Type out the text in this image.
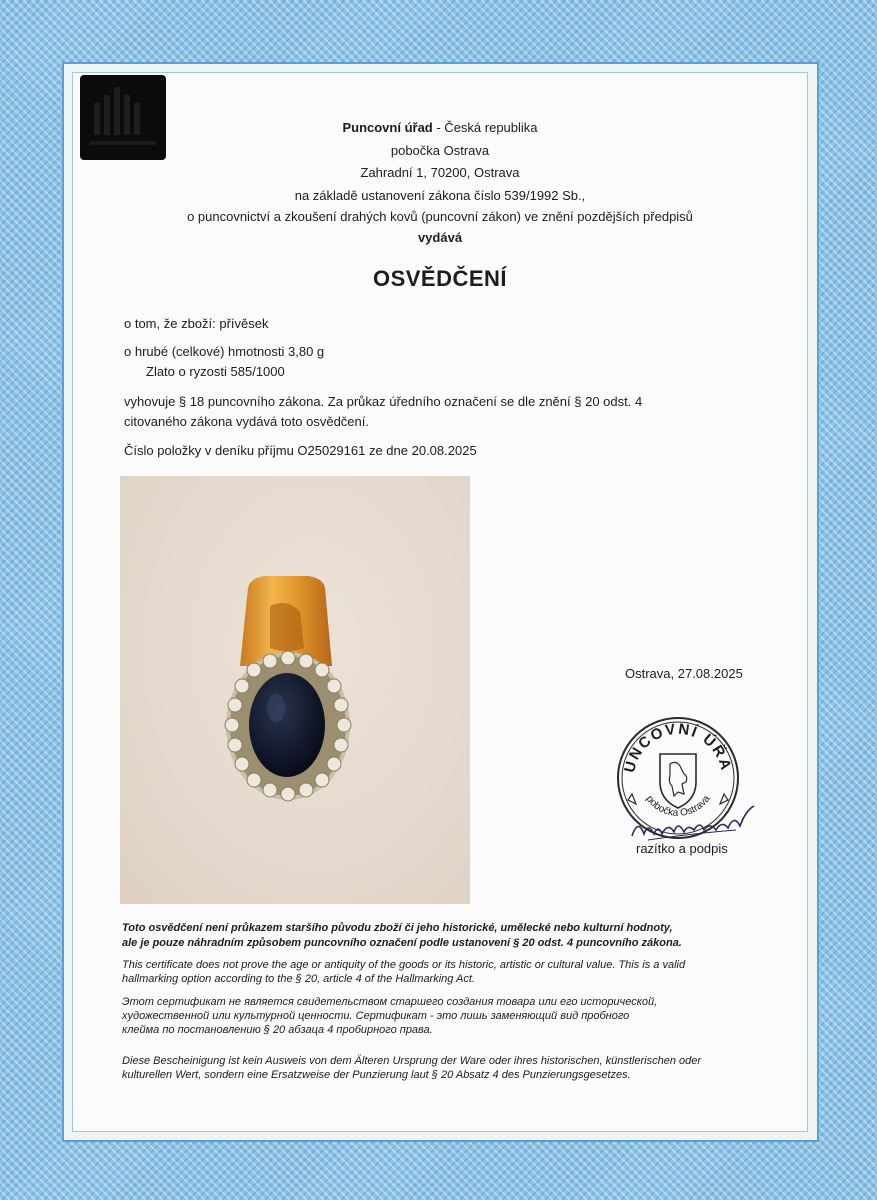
Puncovní úřad - Česká republika
pobočka Ostrava
Zahradní 1, 70200, Ostrava
na základě ustanovení zákona číslo 539/1992 Sb.,
o puncovnictví a zkoušení drahých kovů (puncovní zákon) ve znění pozdějších předpisů
vydává
OSVĚDČENÍ
o tom, že zboží: přívěsek
o hrubé (celkové) hmotnosti 3,80 g
Zlato o ryzosti 585/1000
vyhovuje § 18 puncovního zákona. Za průkaz úředního označení se dle znění § 20 odst. 4
citovaného zákona vydává toto osvědčení.
Číslo položky v deníku příjmu O25029161 ze dne 20.08.2025
Ostrava, 27.08.2025
UNCOVNÍ ÚŘA
pobočka Ostrava
razítko a podpis
Toto osvědčení není průkazem staršího původu zboží či jeho historické, umělecké nebo kulturní hodnoty,
ale je pouze náhradním způsobem puncovního označení podle ustanovení § 20 odst. 4 puncovního zákona.
This certificate does not prove the age or antiquity of the goods or its historic, artistic or cultural value. This is a valid
hallmarking option according to the § 20, article 4 of the Hallmarking Act.
Этот сертификат не является свидетельством старшего создания товара или его исторической,
художественной или культурной ценности. Сертификат - это лишь заменяющий вид пробного
клейма по постановлению § 20 абзаца 4 пробирного права.
Diese Bescheinigung ist kein Ausweis von dem Älteren Ursprung der Ware oder ihres historischen, künstlerischen oder
kulturellen Wert, sondern eine Ersatzweise der Punzierung laut § 20 Absatz 4 des Punzierungsgesetzes.
